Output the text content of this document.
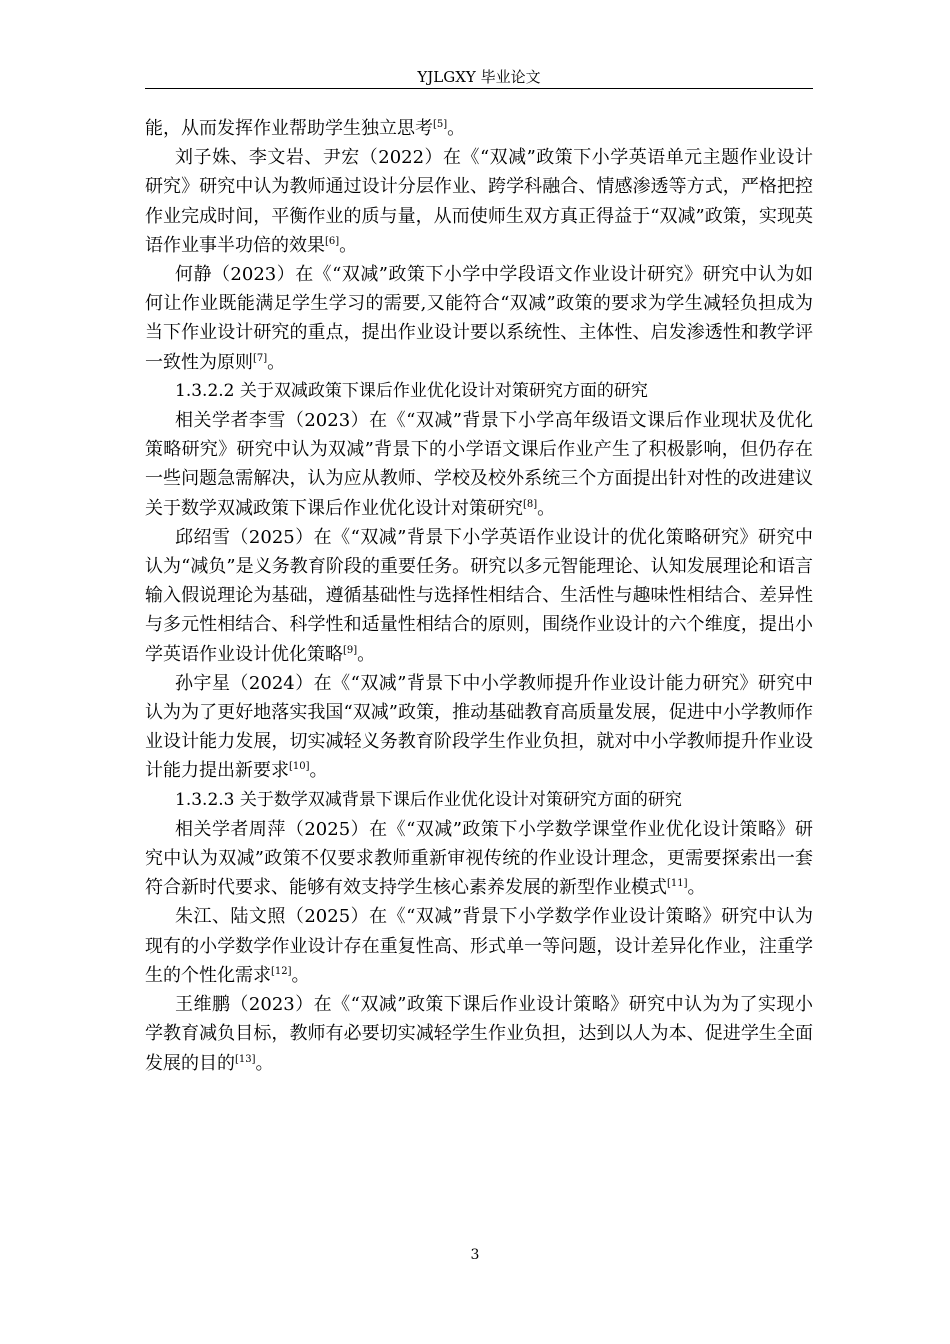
YJLGXY 毕业论文

能，从而发挥作业帮助学生独立思考[5]。

刘子姝、李文岩、尹宏（2022）在《“双减”政策下小学英语单元主题作业设计研究》研究中认为教师通过设计分层作业、跨学科融合、情感渗透等方式，严格把控作业完成时间，平衡作业的质与量，从而使师生双方真正得益于“双减”政策，实现英语作业事半功倍的效果[6]。

何静（2023）在《“双减”政策下小学中学段语文作业设计研究》研究中认为如何让作业既能满足学生学习的需要,又能符合“双减”政策的要求为学生减轻负担成为当下作业设计研究的重点，提出作业设计要以系统性、主体性、启发渗透性和教学评一致性为原则[7]。

1.3.2.2 关于双减政策下课后作业优化设计对策研究方面的研究

相关学者李雪（2023）在《“双减”背景下小学高年级语文课后作业现状及优化策略研究》研究中认为双减”背景下的小学语文课后作业产生了积极影响，但仍存在一些问题急需解决，认为应从教师、学校及校外系统三个方面提出针对性的改进建议关于数学双减政策下课后作业优化设计对策研究[8]。

邱绍雪（2025）在《“双减”背景下小学英语作业设计的优化策略研究》研究中认为“减负”是义务教育阶段的重要任务。研究以多元智能理论、认知发展理论和语言输入假说理论为基础，遵循基础性与选择性相结合、生活性与趣味性相结合、差异性与多元性相结合、科学性和适量性相结合的原则，围绕作业设计的六个维度，提出小学英语作业设计优化策略[9]。

孙宇星（2024）在《“双减”背景下中小学教师提升作业设计能力研究》研究中认为为了更好地落实我国“双减”政策，推动基础教育高质量发展，促进中小学教师作业设计能力发展，切实减轻义务教育阶段学生作业负担，就对中小学教师提升作业设计能力提出新要求[10]。

1.3.2.3 关于数学双减背景下课后作业优化设计对策研究方面的研究

相关学者周萍（2025）在《“双减”政策下小学数学课堂作业优化设计策略》研究中认为双减”政策不仅要求教师重新审视传统的作业设计理念，更需要探索出一套符合新时代要求、能够有效支持学生核心素养发展的新型作业模式[11]。

朱江、陆文照（2025）在《“双减”背景下小学数学作业设计策略》研究中认为现有的小学数学作业设计存在重复性高、形式单一等问题，设计差异化作业，注重学生的个性化需求[12]。

王维鹏（2023）在《“双减”政策下课后作业设计策略》研究中认为为了实现小学教育减负目标，教师有必要切实减轻学生作业负担，达到以人为本、促进学生全面发展的目的[13]。

3
